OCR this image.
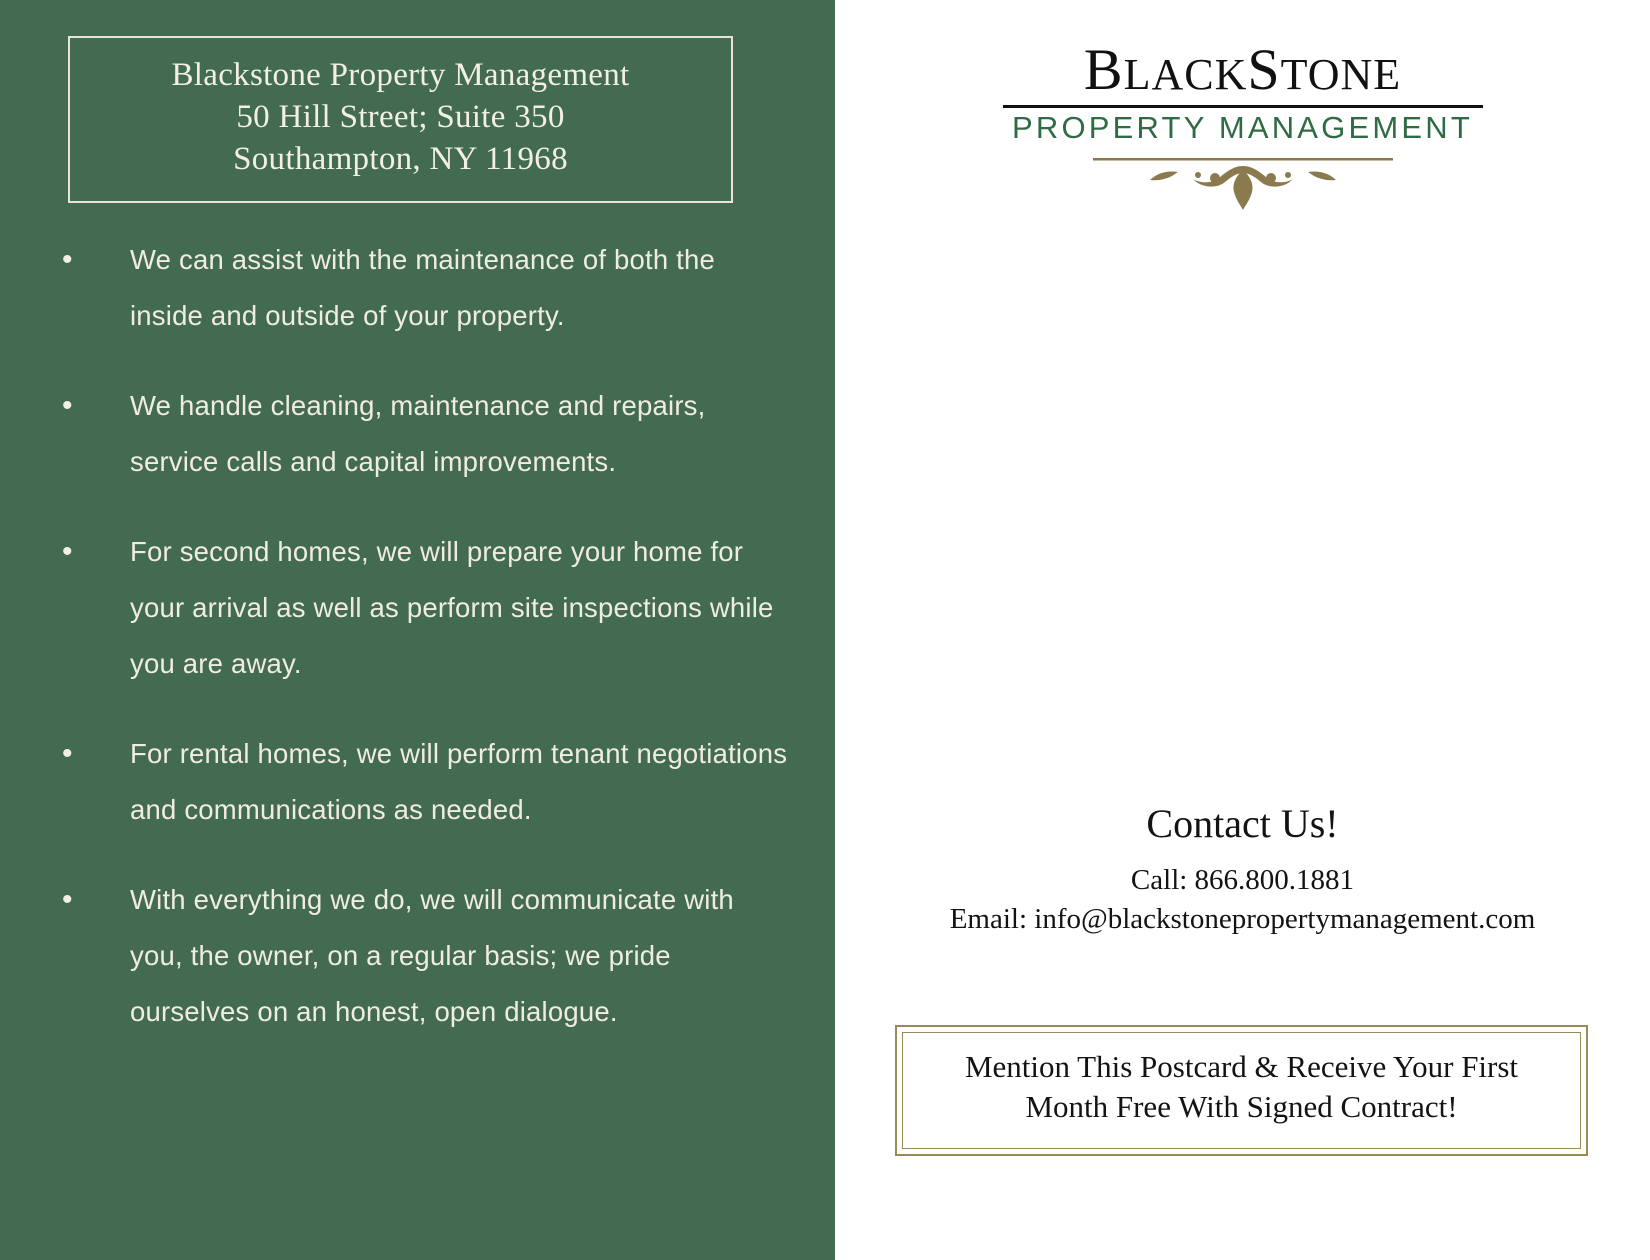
Blackstone Property Management
50 Hill Street; Suite 350
Southampton, NY 11968
•	We can assist with the maintenance of both the inside and outside of your property.
•	We handle cleaning, maintenance and repairs, service calls and capital improvements.
•	For second homes, we will prepare your home for your arrival as well as perform site inspections while you are away.
•	For rental homes, we will perform tenant negotiations and communications as needed.
•	With everything we do, we will communicate with you, the owner, on a regular basis; we pride ourselves on an honest, open dialogue.
BLACKSTONE
PROPERTY MANAGEMENT
Contact Us!
Call: 866.800.1881
Email: info@blackstonepropertymanagement.com
Mention This Postcard & Receive Your First
Month Free With Signed Contract!
